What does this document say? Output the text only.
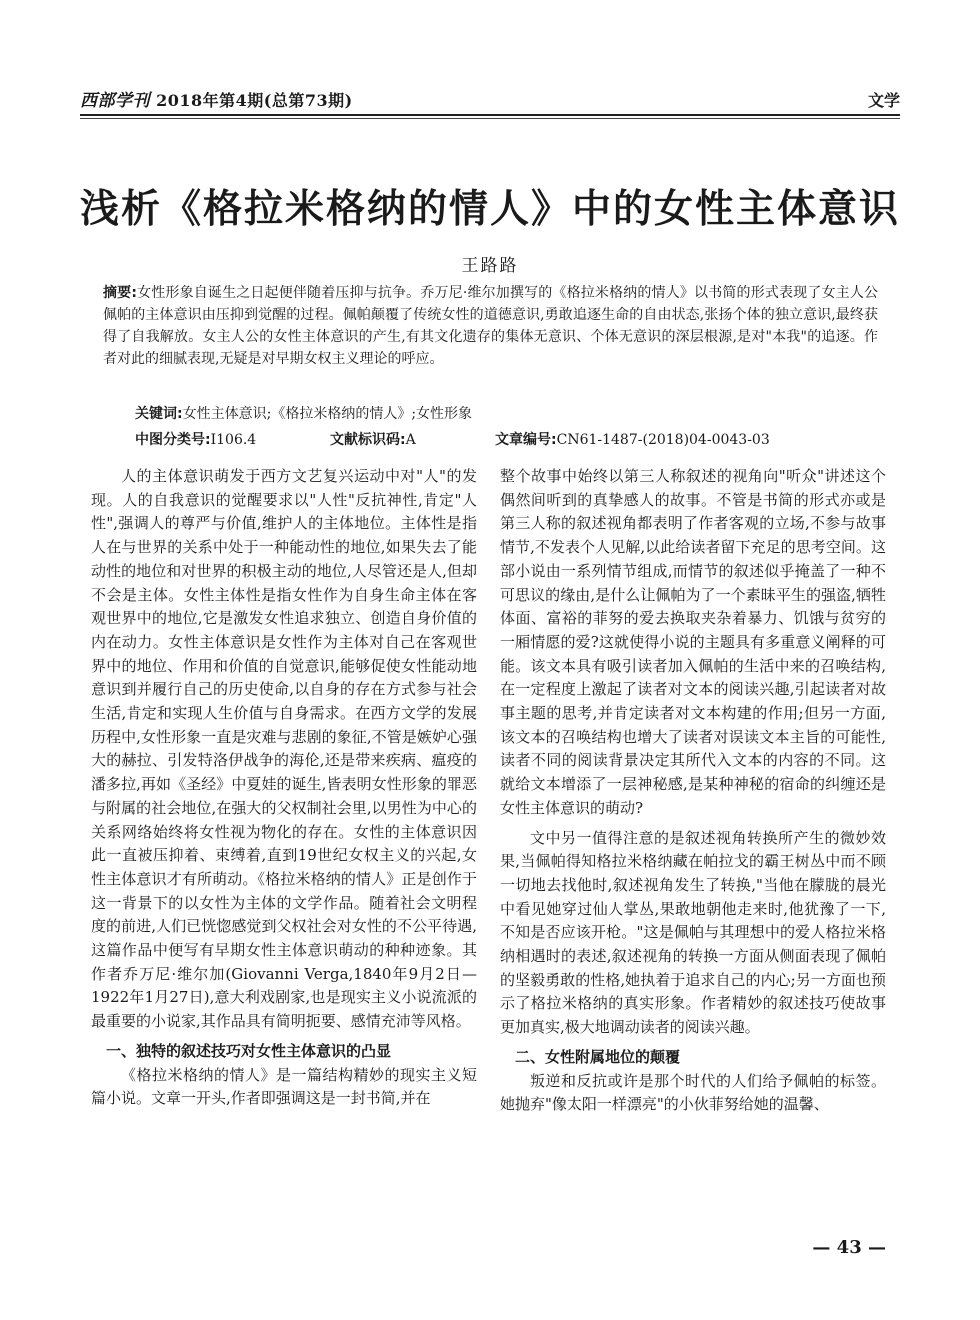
西部学刊 2018年第4期(总第73期)	文学
浅析《格拉米格纳的情人》中的女性主体意识
王路路
摘要:女性形象自诞生之日起便伴随着压抑与抗争。乔万尼·维尔加撰写的《格拉米格纳的情人》以书简的形式表现了女主人公佩帕的主体意识由压抑到觉醒的过程。佩帕颠覆了传统女性的道德意识,勇敢追逐生命的自由状态,张扬个体的独立意识,最终获得了自我解放。女主人公的女性主体意识的产生,有其文化遗存的集体无意识、个体无意识的深层根源,是对"本我"的追逐。作者对此的细腻表现,无疑是对早期女权主义理论的呼应。
关键词:女性主体意识;《格拉米格纳的情人》;女性形象
中图分类号:I106.4	文献标识码:A	文章编号:CN61-1487-(2018)04-0043-03

人的主体意识萌发于西方文艺复兴运动中对"人"的发现。人的自我意识的觉醒要求以"人性"反抗神性,肯定"人性",强调人的尊严与价值,维护人的主体地位。主体性是指人在与世界的关系中处于一种能动性的地位,如果失去了能动性的地位和对世界的积极主动的地位,人尽管还是人,但却不会是主体。女性主体性是指女性作为自身生命主体在客观世界中的地位,它是激发女性追求独立、创造自身价值的内在动力。女性主体意识是女性作为主体对自己在客观世界中的地位、作用和价值的自觉意识,能够促使女性能动地意识到并履行自己的历史使命,以自身的存在方式参与社会生活,肯定和实现人生价值与自身需求。在西方文学的发展历程中,女性形象一直是灾难与悲剧的象征,不管是嫉妒心强大的赫拉、引发特洛伊战争的海伦,还是带来疾病、瘟疫的潘多拉,再如《圣经》中夏娃的诞生,皆表明女性形象的罪恶与附属的社会地位,在强大的父权制社会里,以男性为中心的关系网络始终将女性视为物化的存在。女性的主体意识因此一直被压抑着、束缚着,直到19世纪女权主义的兴起,女性主体意识才有所萌动。《格拉米格纳的情人》正是创作于这一背景下的以女性为主体的文学作品。随着社会文明程度的前进,人们已恍惚感觉到父权社会对女性的不公平待遇,这篇作品中便写有早期女性主体意识萌动的种种迹象。其作者乔万尼·维尔加(Giovanni Verga,1840年9月2日—1922年1月27日),意大利戏剧家,也是现实主义小说流派的最重要的小说家,其作品具有简明扼要、感情充沛等风格。

一、独特的叙述技巧对女性主体意识的凸显

《格拉米格纳的情人》是一篇结构精妙的现实主义短篇小说。文章一开头,作者即强调这是一封书简,并在

整个故事中始终以第三人称叙述的视角向"听众"讲述这个偶然间听到的真挚感人的故事。不管是书简的形式亦或是第三人称的叙述视角都表明了作者客观的立场,不参与故事情节,不发表个人见解,以此给读者留下充足的思考空间。这部小说由一系列情节组成,而情节的叙述似乎掩盖了一种不可思议的缘由,是什么让佩帕为了一个素昧平生的强盗,牺牲体面、富裕的菲努的爱去换取夹杂着暴力、饥饿与贫穷的一厢情愿的爱?这就使得小说的主题具有多重意义阐释的可能。该文本具有吸引读者加入佩帕的生活中来的召唤结构,在一定程度上激起了读者对文本的阅读兴趣,引起读者对故事主题的思考,并肯定读者对文本构建的作用;但另一方面,该文本的召唤结构也增大了读者对误读文本主旨的可能性,读者不同的阅读背景决定其所代入文本的内容的不同。这就给文本增添了一层神秘感,是某种神秘的宿命的纠缠还是女性主体意识的萌动?

文中另一值得注意的是叙述视角转换所产生的微妙效果,当佩帕得知格拉米格纳藏在帕拉戈的霸王树丛中而不顾一切地去找他时,叙述视角发生了转换,"当他在朦胧的晨光中看见她穿过仙人掌丛,果敢地朝他走来时,他犹豫了一下,不知是否应该开枪。"这是佩帕与其理想中的爱人格拉米格纳相遇时的表述,叙述视角的转换一方面从侧面表现了佩帕的坚毅勇敢的性格,她执着于追求自己的内心;另一方面也预示了格拉米格纳的真实形象。作者精妙的叙述技巧使故事更加真实,极大地调动读者的阅读兴趣。

二、女性附属地位的颠覆

叛逆和反抗或许是那个时代的人们给予佩帕的标签。她抛弃"像太阳一样漂亮"的小伙菲努给她的温馨、

— 43 —
